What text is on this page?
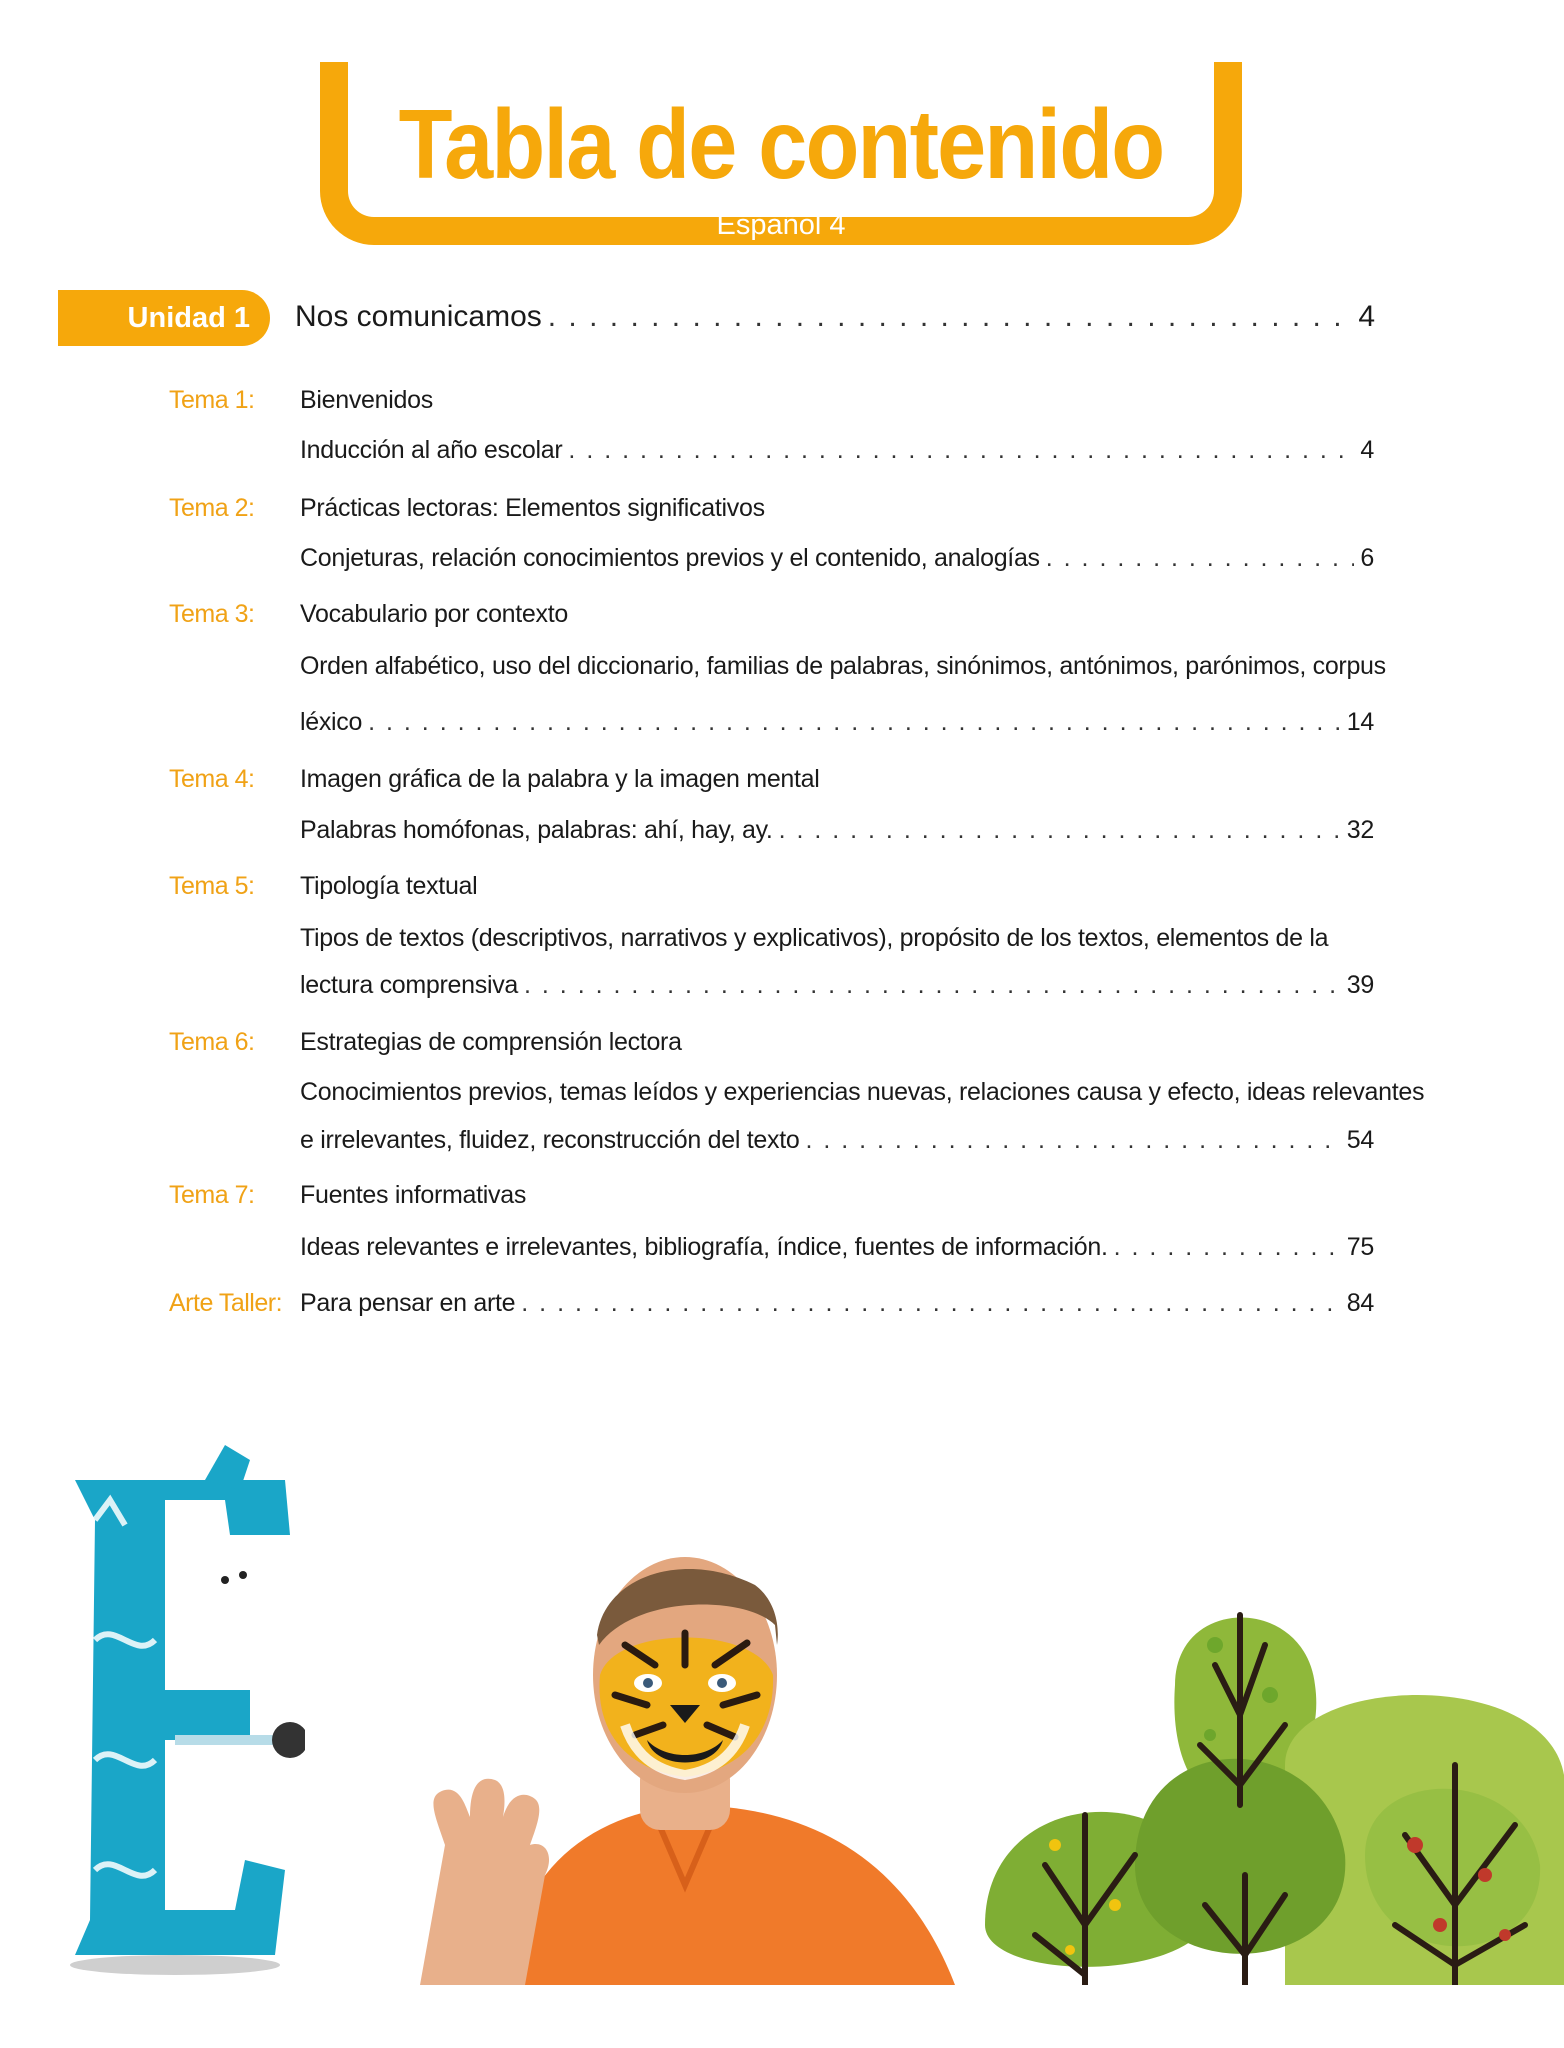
Tabla de contenido
Español 4
Unidad 1	Nos comunicamos . . .	4
Tema 1: Bienvenidos
Inducción al año escolar . . .	4
Tema 2: Prácticas lectoras: Elementos significativos
Conjeturas, relación conocimientos previos y el contenido, analogías . . .	6
Tema 3: Vocabulario por contexto
Orden alfabético, uso del diccionario, familias de palabras, sinónimos, antónimos, parónimos, corpus
léxico . . .	14
Tema 4: Imagen gráfica de la palabra y la imagen mental
Palabras homófonas, palabras: ahí, hay, ay. . . .	32
Tema 5: Tipología textual
Tipos de textos (descriptivos, narrativos y explicativos), propósito de los textos, elementos de la
lectura comprensiva . . .	39
Tema 6: Estrategias de comprensión lectora
Conocimientos previos, temas leídos y experiencias nuevas, relaciones causa y efecto, ideas relevantes
e irrelevantes, fluidez, reconstrucción del texto . . .	54
Tema 7: Fuentes informativas
Ideas relevantes e irrelevantes, bibliografía, índice, fuentes de información. . . .	75
Arte Taller: Para pensar en arte . . .	84
